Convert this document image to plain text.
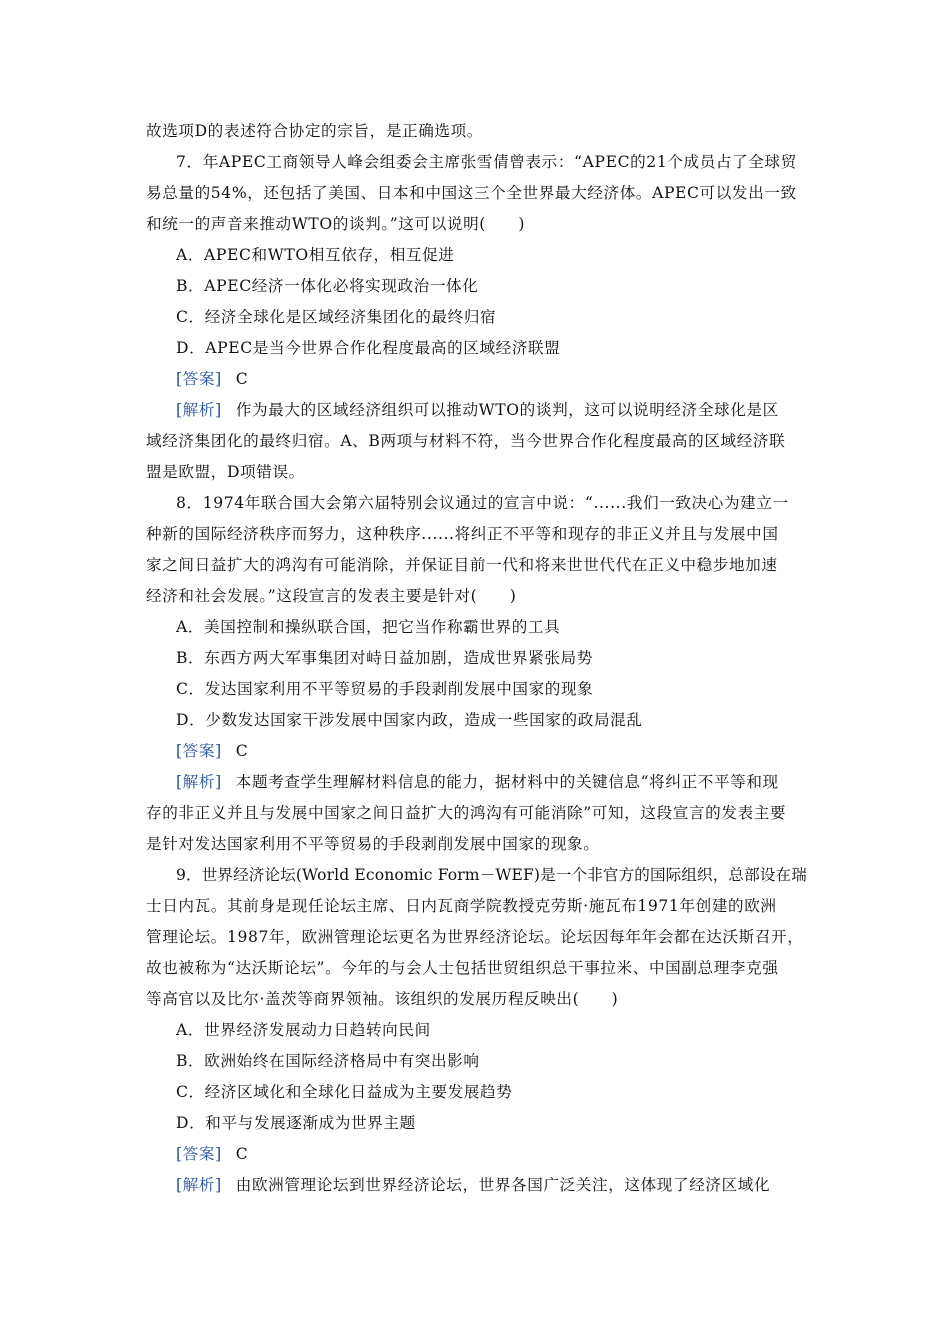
故选项D的表述符合协定的宗旨，是正确选项。
7．年APEC工商领导人峰会组委会主席张雪倩曾表示：“APEC的21个成员占了全球贸
易总量的54%，还包括了美国、日本和中国这三个全世界最大经济体。APEC可以发出一致
和统一的声音来推动WTO的谈判。”这可以说明(　　)
A．APEC和WTO相互依存，相互促进
B．APEC经济一体化必将实现政治一体化
C．经济全球化是区域经济集团化的最终归宿
D．APEC是当今世界合作化程度最高的区域经济联盟
[答案] C
[解析] 作为最大的区域经济组织可以推动WTO的谈判，这可以说明经济全球化是区
域经济集团化的最终归宿。A、B两项与材料不符，当今世界合作化程度最高的区域经济联
盟是欧盟，D项错误。
8．1974年联合国大会第六届特别会议通过的宣言中说：“......我们一致决心为建立一
种新的国际经济秩序而努力，这种秩序......将纠正不平等和现存的非正义并且与发展中国
家之间日益扩大的鸿沟有可能消除，并保证目前一代和将来世世代代在正义中稳步地加速
经济和社会发展。”这段宣言的发表主要是针对(　　)
A．美国控制和操纵联合国，把它当作称霸世界的工具
B．东西方两大军事集团对峙日益加剧，造成世界紧张局势
C．发达国家利用不平等贸易的手段剥削发展中国家的现象
D．少数发达国家干涉发展中国家内政，造成一些国家的政局混乱
[答案] C
[解析] 本题考查学生理解材料信息的能力，据材料中的关键信息“将纠正不平等和现
存的非正义并且与发展中国家之间日益扩大的鸿沟有可能消除”可知，这段宣言的发表主要
是针对发达国家利用不平等贸易的手段剥削发展中国家的现象。
9．世界经济论坛(World Economic Form－WEF)是一个非官方的国际组织，总部设在瑞
士日内瓦。其前身是现任论坛主席、日内瓦商学院教授克劳斯·施瓦布1971年创建的欧洲
管理论坛。1987年，欧洲管理论坛更名为世界经济论坛。论坛因每年年会都在达沃斯召开，
故也被称为“达沃斯论坛”。今年的与会人士包括世贸组织总干事拉米、中国副总理李克强
等高官以及比尔·盖茨等商界领袖。该组织的发展历程反映出(　　)
A．世界经济发展动力日趋转向民间
B．欧洲始终在国际经济格局中有突出影响
C．经济区域化和全球化日益成为主要发展趋势
D．和平与发展逐渐成为世界主题
[答案] C
[解析] 由欧洲管理论坛到世界经济论坛，世界各国广泛关注，这体现了经济区域化
